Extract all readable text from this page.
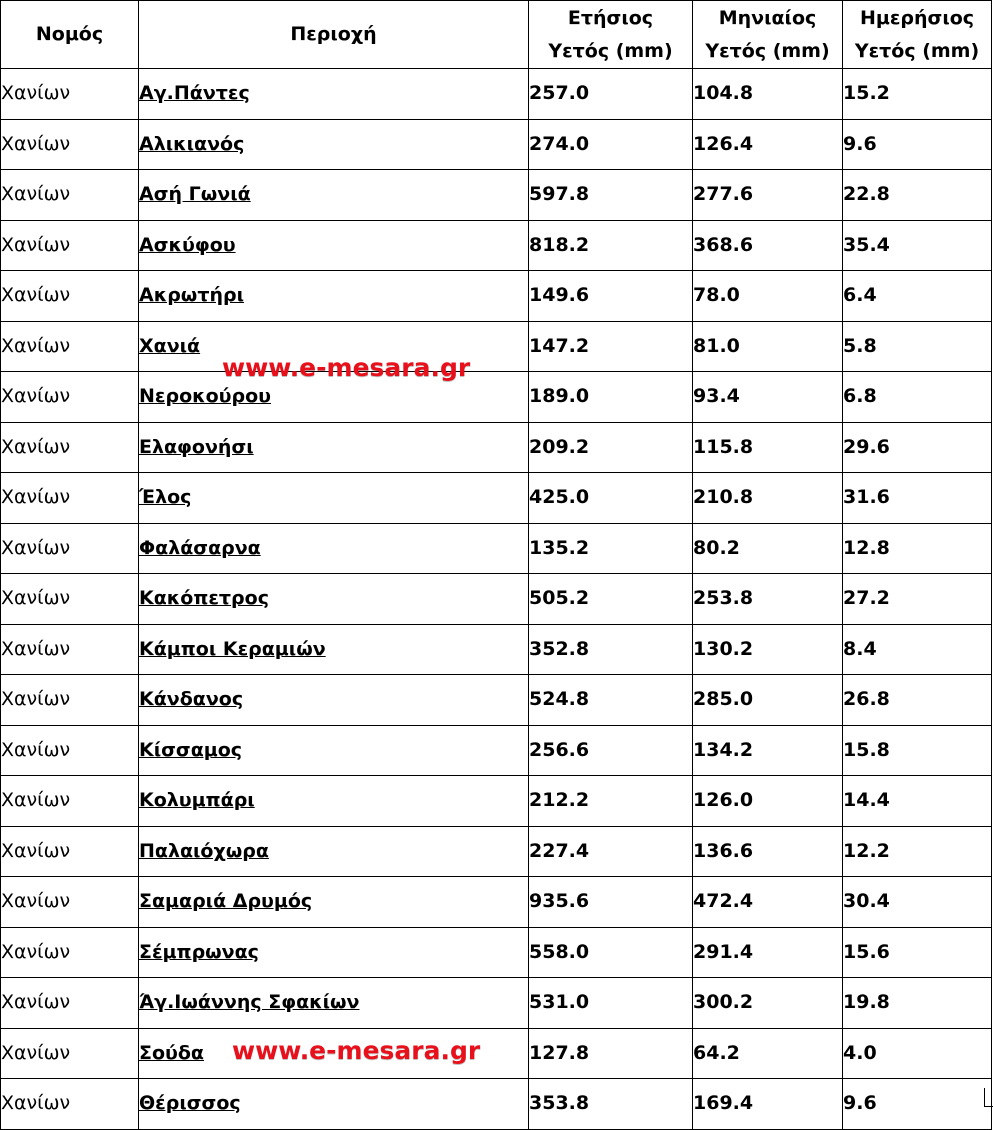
Νομός	Περιοχή	Ετήσιος	Μηνιαίος	Ημερήσιος
		Υετός (mm)	Υετός (mm)	Υετός (mm)
Χανίων	Αγ.Πάντες	257.0	104.8	15.2
Χανίων	Αλικιανός	274.0	126.4	9.6
Χανίων	Ασή Γωνιά	597.8	277.6	22.8
Χανίων	Ασκύφου	818.2	368.6	35.4
Χανίων	Ακρωτήρι	149.6	78.0	6.4
Χανίων	Χανιά	147.2	81.0	5.8
Χανίων	Νεροκούρου	189.0	93.4	6.8
Χανίων	Ελαφονήσι	209.2	115.8	29.6
Χανίων	Έλος	425.0	210.8	31.6
Χανίων	Φαλάσαρνα	135.2	80.2	12.8
Χανίων	Κακόπετρος	505.2	253.8	27.2
Χανίων	Κάμποι Κεραμιών	352.8	130.2	8.4
Χανίων	Κάνδανος	524.8	285.0	26.8
Χανίων	Κίσσαμος	256.6	134.2	15.8
Χανίων	Κολυμπάρι	212.2	126.0	14.4
Χανίων	Παλαιόχωρα	227.4	136.6	12.2
Χανίων	Σαμαριά Δρυμός	935.6	472.4	30.4
Χανίων	Σέμπρωνας	558.0	291.4	15.6
Χανίων	Άγ.Ιωάννης Σφακίων	531.0	300.2	19.8
Χανίων	Σούδα	127.8	64.2	4.0
Χανίων	Θέρισσος	353.8	169.4	9.6
www.e-mesara.gr
www.e-mesara.gr
